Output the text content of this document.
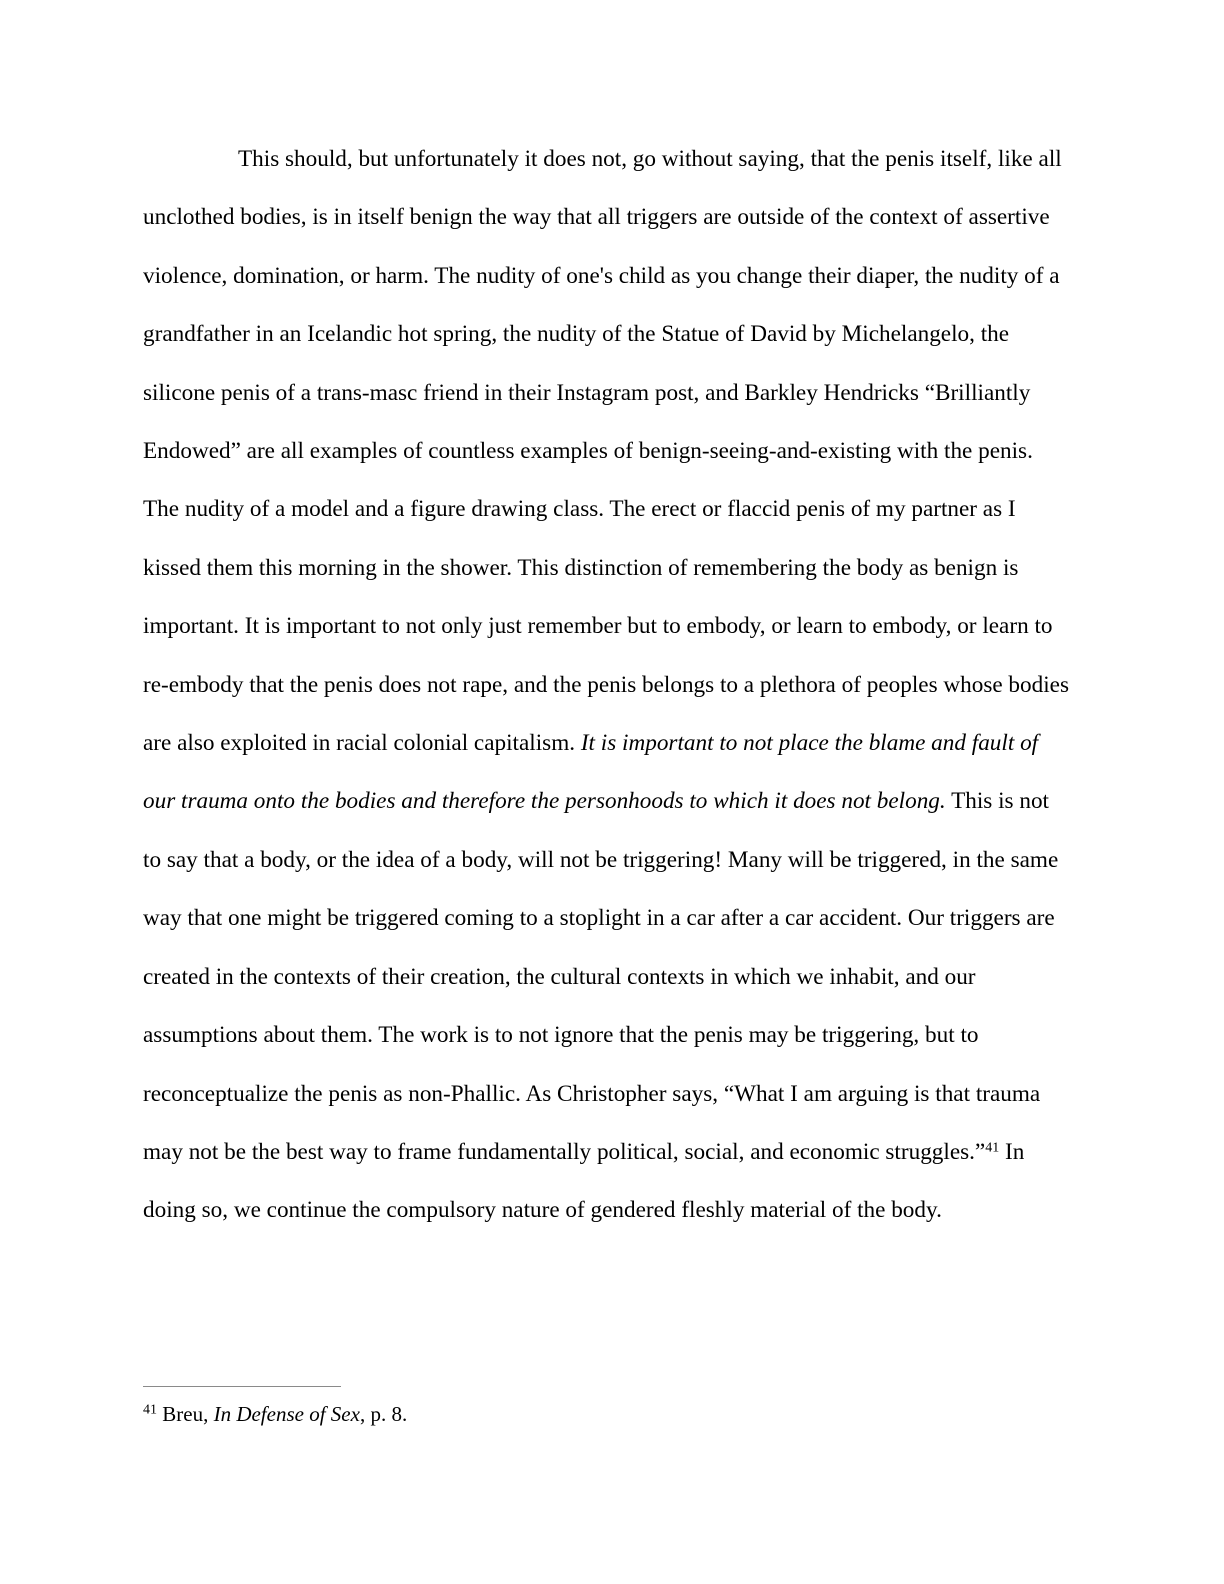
This should, but unfortunately it does not, go without saying, that the penis itself, like all unclothed bodies, is in itself benign the way that all triggers are outside of the context of assertive violence, domination, or harm. The nudity of one's child as you change their diaper, the nudity of a grandfather in an Icelandic hot spring, the nudity of the Statue of David by Michelangelo, the silicone penis of a trans-masc friend in their Instagram post, and Barkley Hendricks “Brilliantly Endowed” are all examples of countless examples of benign-seeing-and-existing with the penis. The nudity of a model and a figure drawing class. The erect or flaccid penis of my partner as I kissed them this morning in the shower. This distinction of remembering the body as benign is important. It is important to not only just remember but to embody, or learn to embody, or learn to re-embody that the penis does not rape, and the penis belongs to a plethora of peoples whose bodies are also exploited in racial colonial capitalism. It is important to not place the blame and fault of our trauma onto the bodies and therefore the personhoods to which it does not belong. This is not to say that a body, or the idea of a body, will not be triggering! Many will be triggered, in the same way that one might be triggered coming to a stoplight in a car after a car accident. Our triggers are created in the contexts of their creation, the cultural contexts in which we inhabit, and our assumptions about them. The work is to not ignore that the penis may be triggering, but to reconceptualize the penis as non-Phallic. As Christopher says, “What I am arguing is that trauma may not be the best way to frame fundamentally political, social, and economic struggles.”$^{41}$ In doing so, we continue the compulsory nature of gendered fleshly material of the body.

$^{41}$ Breu, In Defense of Sex, p. 8.
